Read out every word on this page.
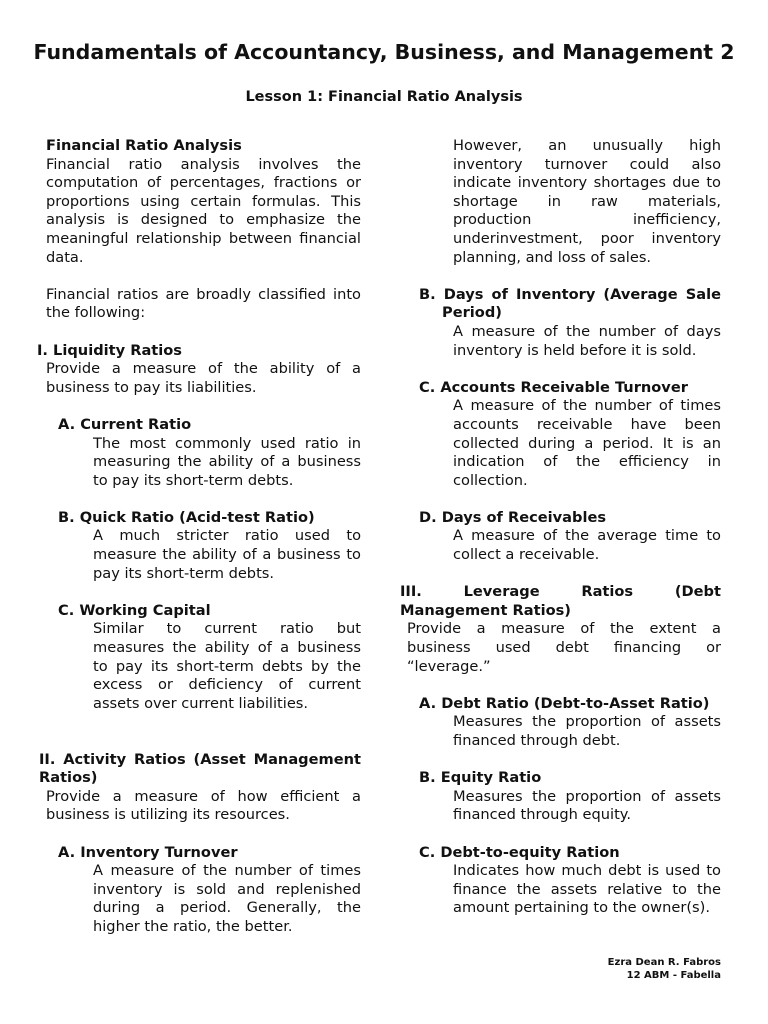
Fundamentals of Accountancy, Business, and Management 2
Lesson 1: Financial Ratio Analysis
Financial Ratio Analysis
Financial ratio analysis involves the computation of percentages, fractions or proportions using certain formulas. This analysis is designed to emphasize the meaningful relationship between financial data.
Financial ratios are broadly classified into the following:
I. Liquidity Ratios
Provide a measure of the ability of a business to pay its liabilities.
A. Current Ratio
The most commonly used ratio in measuring the ability of a business to pay its short-term debts.
B. Quick Ratio (Acid-test Ratio)
A much stricter ratio used to measure the ability of a business to pay its short-term debts.
C. Working Capital
Similar to current ratio but measures the ability of a business to pay its short-term debts by the excess or deficiency of current assets over current liabilities.
II. Activity Ratios (Asset Management Ratios)
Provide a measure of how efficient a business is utilizing its resources.
A. Inventory Turnover
A measure of the number of times inventory is sold and replenished during a period. Generally, the higher the ratio, the better.
However, an unusually high inventory turnover could also indicate inventory shortages due to shortage in raw materials, production inefficiency, underinvestment, poor inventory planning, and loss of sales.
B. Days of Inventory (Average Sale Period)
A measure of the number of days inventory is held before it is sold.
C. Accounts Receivable Turnover
A measure of the number of times accounts receivable have been collected during a period. It is an indication of the efficiency in collection.
D. Days of Receivables
A measure of the average time to collect a receivable.
III. Leverage Ratios (Debt Management Ratios)
Provide a measure of the extent a business used debt financing or “leverage.”
A. Debt Ratio (Debt-to-Asset Ratio)
Measures the proportion of assets financed through debt.
B. Equity Ratio
Measures the proportion of assets financed through equity.
C. Debt-to-equity Ration
Indicates how much debt is used to finance the assets relative to the amount pertaining to the owner(s).
Ezra Dean R. Fabros
12 ABM - Fabella
